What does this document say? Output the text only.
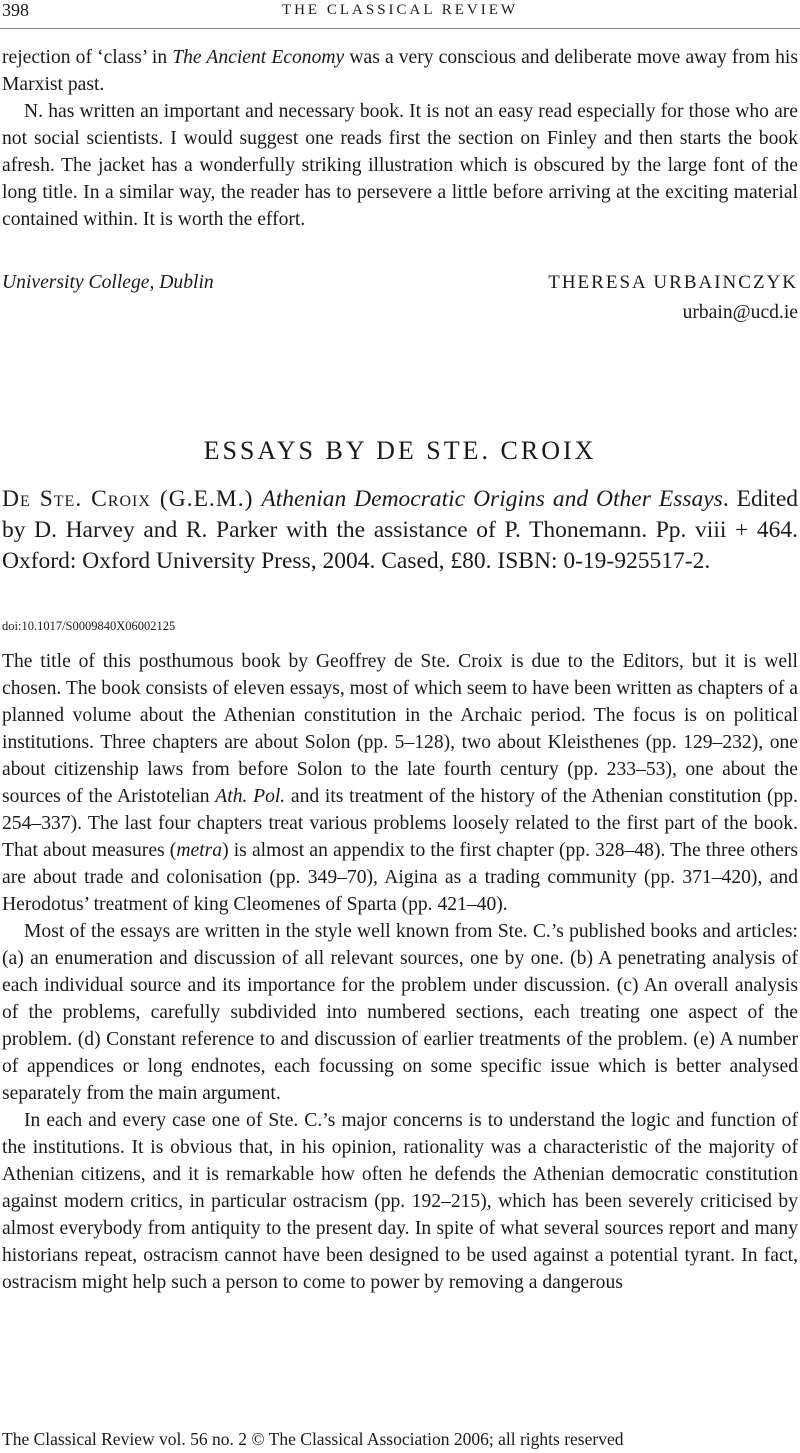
398	THE CLASSICAL REVIEW

rejection of ‘class’ in The Ancient Economy was a very conscious and deliberate move away from his Marxist past.

N. has written an important and necessary book. It is not an easy read especially for those who are not social scientists. I would suggest one reads first the section on Finley and then starts the book afresh. The jacket has a wonderfully striking illustration which is obscured by the large font of the long title. In a similar way, the reader has to persevere a little before arriving at the exciting material contained within. It is worth the effort.

University College, Dublin	THERESA URBAINCZYK
urbain@ucd.ie
ESSAYS BY DE STE. CROIX

De Ste. Croix (G.E.M.) Athenian Democratic Origins and Other Essays. Edited by D. Harvey and R. Parker with the assistance of P. Thonemann. Pp. viii + 464. Oxford: Oxford University Press, 2004. Cased, £80. ISBN: 0-19-925517-2.

doi:10.1017/S0009840X06002125

The title of this posthumous book by Geoffrey de Ste. Croix is due to the Editors, but it is well chosen. The book consists of eleven essays, most of which seem to have been written as chapters of a planned volume about the Athenian constitution in the Archaic period. The focus is on political institutions. Three chapters are about Solon (pp. 5–128), two about Kleisthenes (pp. 129–232), one about citizenship laws from before Solon to the late fourth century (pp. 233–53), one about the sources of the Aristotelian Ath. Pol. and its treatment of the history of the Athenian constitution (pp. 254–337). The last four chapters treat various problems loosely related to the first part of the book. That about measures (metra) is almost an appendix to the first chapter (pp. 328–48). The three others are about trade and colonisation (pp. 349–70), Aigina as a trading community (pp. 371–420), and Herodotus’ treatment of king Cleomenes of Sparta (pp. 421–40).

Most of the essays are written in the style well known from Ste. C.’s published books and articles: (a) an enumeration and discussion of all relevant sources, one by one. (b) A penetrating analysis of each individual source and its importance for the problem under discussion. (c) An overall analysis of the problems, carefully subdivided into numbered sections, each treating one aspect of the problem. (d) Constant reference to and discussion of earlier treatments of the problem. (e) A number of appendices or long endnotes, each focussing on some specific issue which is better analysed separately from the main argument.

In each and every case one of Ste. C.’s major concerns is to understand the logic and function of the institutions. It is obvious that, in his opinion, rationality was a characteristic of the majority of Athenian citizens, and it is remarkable how often he defends the Athenian democratic constitution against modern critics, in particular ostracism (pp. 192–215), which has been severely criticised by almost everybody from antiquity to the present day. In spite of what several sources report and many historians repeat, ostracism cannot have been designed to be used against a potential tyrant. In fact, ostracism might help such a person to come to power by removing a dangerous

The Classical Review vol. 56 no. 2 © The Classical Association 2006; all rights reserved
